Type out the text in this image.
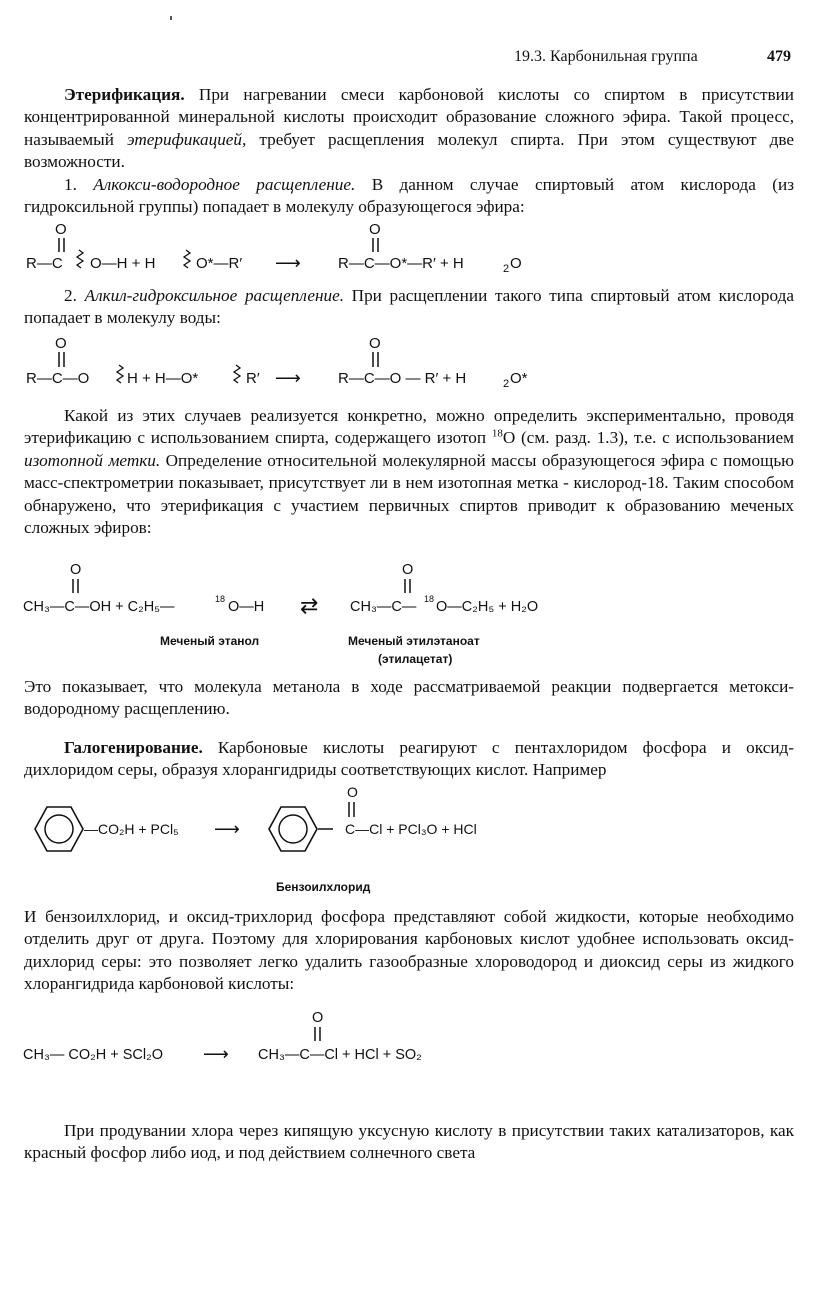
19.3. Карбонильная группа	479

Этерификация. При нагревании смеси карбоновой кислоты со спиртом в присутствии концентрированной минеральной кислоты происходит образование сложного эфира. Такой процесс, называемый этерификацией, требует расщепления молекул спирта. При этом существуют две возможности.

1. Алкокси-водородное расщепление. В данном случае спиртовый атом кислорода (из гидроксильной группы) попадает в молекулу образующегося эфира:

2. Алкил-гидроксильное расщепление. При расщеплении такого типа спиртовый атом кислорода попадает в молекулу воды:

Какой из этих случаев реализуется конкретно, можно определить экспериментально, проводя этерификацию с использованием спирта, содержащего изотоп $^{18}$O (см. разд. 1.3), т.е. с использованием изотопной метки. Определение относительной молекулярной массы образующегося эфира с помощью масс-спектрометрии показывает, присутствует ли в нем изотопная метка - кислород-18. Таким способом обнаружено, что этерификация с участием первичных спиртов приводит к образованию меченых сложных эфиров:

Это показывает, что молекула метанола в ходе рассматриваемой реакции подвергается метокси-водородному расщеплению.

Галогенирование. Карбоновые кислоты реагируют с пентахлоридом фосфора и оксид-дихлоридом серы, образуя хлорангидриды соответствующих кислот. Например

И бензоилхлорид, и оксид-трихлорид фосфора представляют собой жидкости, которые необходимо отделить друг от друга. Поэтому для хлорирования карбоновых кислот удобнее использовать оксид-дихлорид серы: это позволяет легко удалить газообразные хлороводород и диоксид серы из жидкого хлорангидрида карбоновой кислоты:

При продувании хлора через кипящую уксусную кислоту в присутствии таких катализаторов, как красный фосфор либо иод, и под действием солнечного света

O
R—C O—H + H	O*—R′ ⟶
O
R—C—O*—R′ + H	2 O
O
R—C—O	H + H—O*	R′ ⟶
O
R—C—O — R′ + H	2 O*
O
CH₃—C—OH + C₂H₅—	18 O—H ⇄
O
CH₃—C— 18 O—C₂H₅ + H₂O
Меченый этанол	Меченый этилэтаноат
(этилацетат)
—CO₂H + PCl₅ ⟶
O
C—Cl + PCl₃O + HCl
Бензоилхлорид
O
CH₃— CO₂H + SCl₂O ⟶ CH₃—C—Cl + HCl + SO₂
